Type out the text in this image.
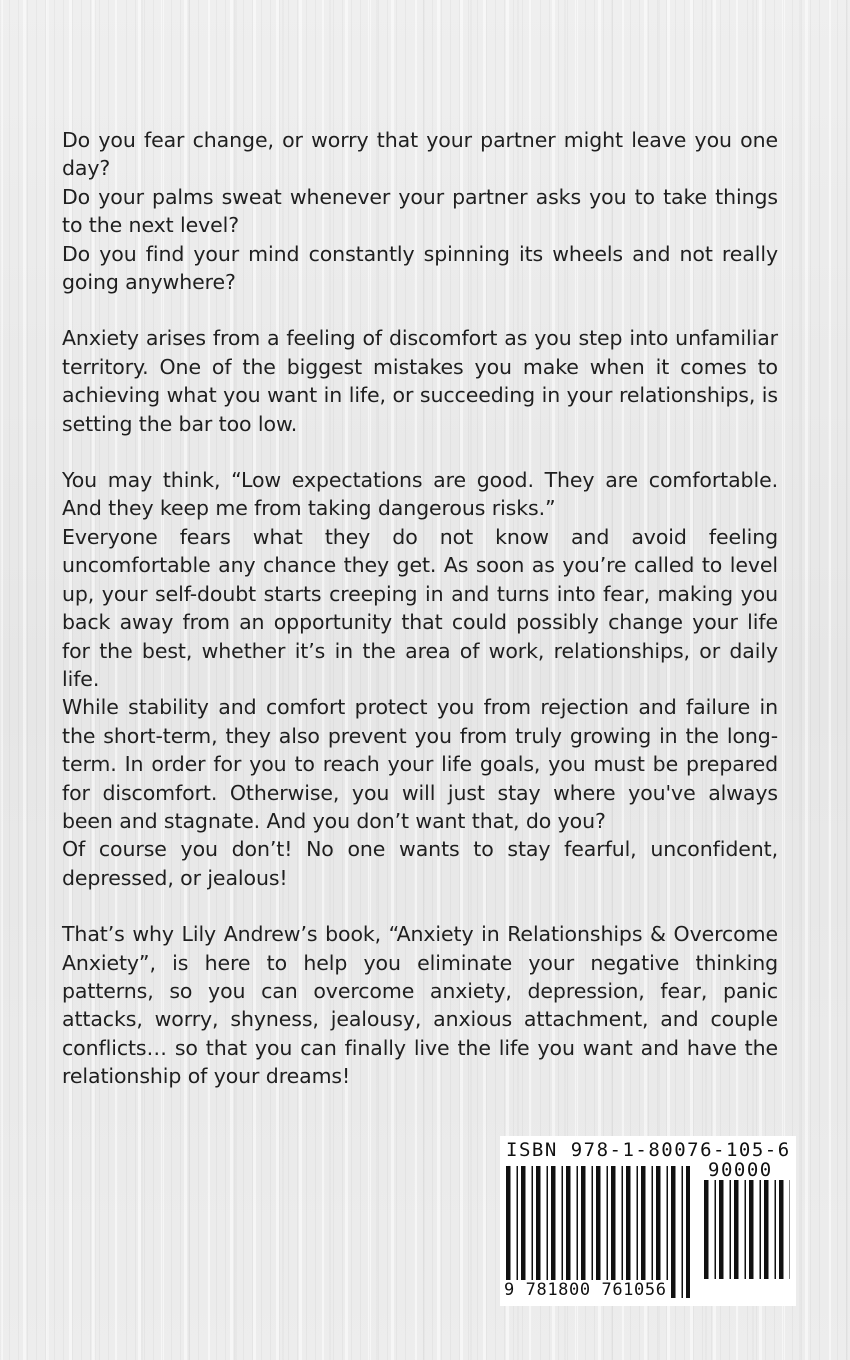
Do you fear change, or worry that your partner might leave you one day?
Do your palms sweat whenever your partner asks you to take things to the next level?
Do you find your mind constantly spinning its wheels and not really going anywhere?
Anxiety arises from a feeling of discomfort as you step into unfamiliar territory. One of the biggest mistakes you make when it comes to achieving what you want in life, or succeeding in your relationships, is setting the bar too low.
You may think, “Low expectations are good. They are comfortable. And they keep me from taking dangerous risks.”
Everyone fears what they do not know and avoid feeling uncomfortable any chance they get. As soon as you’re called to level up, your self-doubt starts creeping in and turns into fear, making you back away from an opportunity that could possibly change your life for the best, whether it’s in the area of work, relationships, or daily life.
While stability and comfort protect you from rejection and failure in the short-term, they also prevent you from truly growing in the long-term. In order for you to reach your life goals, you must be prepared for discomfort. Otherwise, you will just stay where you've always been and stagnate. And you don’t want that, do you?
Of course you don’t! No one wants to stay fearful, unconfident, depressed, or jealous!
That’s why Lily Andrew’s book, “Anxiety in Relationships & Overcome Anxiety”, is here to help you eliminate your negative thinking patterns, so you can overcome anxiety, depression, fear, panic attacks, worry, shyness, jealousy, anxious attachment, and couple conflicts… so that you can finally live the life you want and have the relationship of your dreams!
ISBN 978-1-80076-105-6
90000
9 781800 761056
